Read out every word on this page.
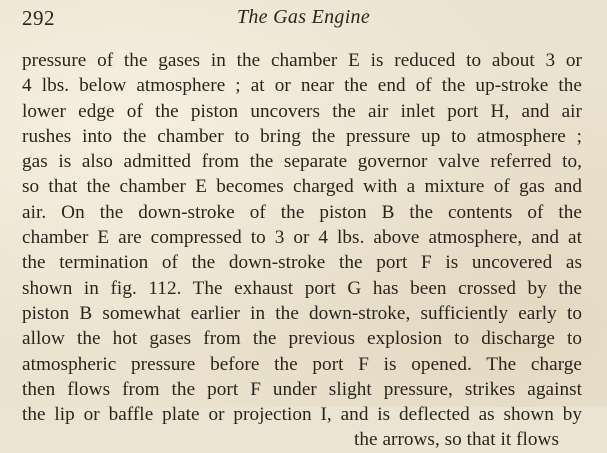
292	The Gas Engine
pressure of the gases in the chamber E is reduced to about 3 or
4 lbs. below atmosphere ; at or near the end of the up-stroke the
lower edge of the piston uncovers the air inlet port H, and air
rushes into the chamber to bring the pressure up to atmosphere ;
gas is also admitted from the separate governor valve referred to,
so that the chamber E becomes charged with a mixture of gas and
air. On the down-stroke of the piston B the contents of the
chamber E are compressed to 3 or 4 lbs. above atmosphere, and at
the termination of the down-stroke the port F is uncovered as
shown in fig. 112. The exhaust port G has been crossed by the
piston B somewhat earlier in the down-stroke, sufficiently early to
allow the hot gases from the previous explosion to discharge to
atmospheric pressure before the port F is opened. The charge
then flows from the port F under slight pressure, strikes against
the lip or baffle plate or projection I, and is deflected as shown by
the arrows, so that it flows
